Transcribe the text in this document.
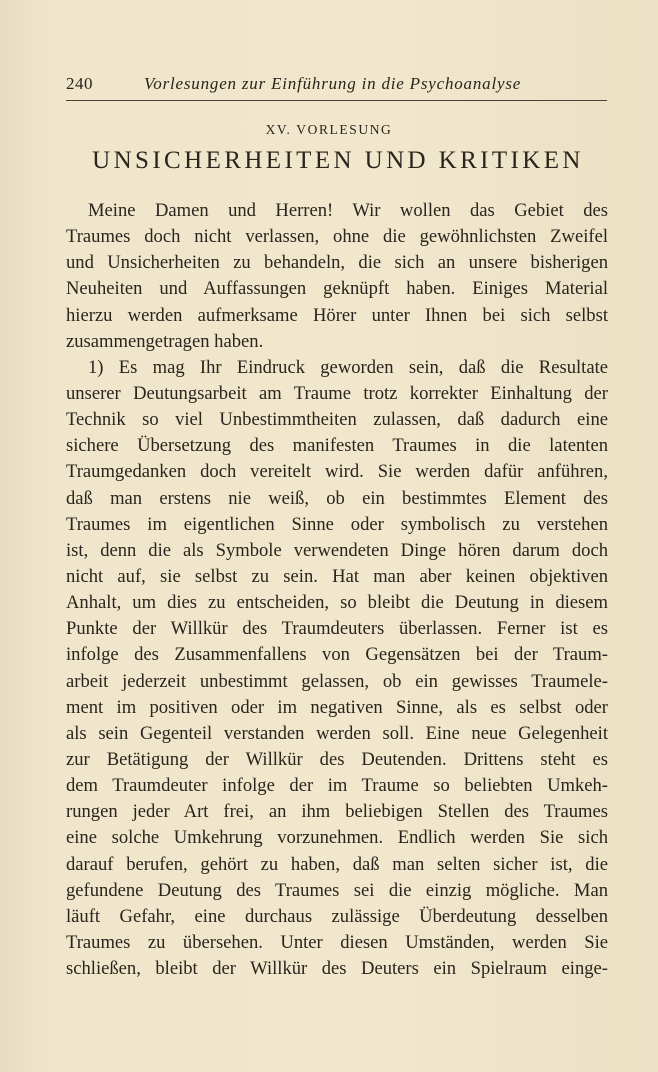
240	Vorlesungen zur Einführung in die Psychoanalyse
XV. VORLESUNG
UNSICHERHEITEN UND KRITIKEN
Meine Damen und Herren! Wir wollen das Gebiet des
Traumes doch nicht verlassen, ohne die gewöhnlichsten Zweifel
und Unsicherheiten zu behandeln, die sich an unsere bisherigen
Neuheiten und Auffassungen geknüpft haben. Einiges Material
hierzu werden aufmerksame Hörer unter Ihnen bei sich selbst
zusammengetragen haben.
1) Es mag Ihr Eindruck geworden sein, daß die Resultate
unserer Deutungsarbeit am Traume trotz korrekter Einhaltung der
Technik so viel Unbestimmtheiten zulassen, daß dadurch eine
sichere Übersetzung des manifesten Traumes in die latenten
Traumgedanken doch vereitelt wird. Sie werden dafür anführen,
daß man erstens nie weiß, ob ein bestimmtes Element des
Traumes im eigentlichen Sinne oder symbolisch zu verstehen
ist, denn die als Symbole verwendeten Dinge hören darum doch
nicht auf, sie selbst zu sein. Hat man aber keinen objektiven
Anhalt, um dies zu entscheiden, so bleibt die Deutung in diesem
Punkte der Willkür des Traumdeuters überlassen. Ferner ist es
infolge des Zusammenfallens von Gegensätzen bei der Traum-
arbeit jederzeit unbestimmt gelassen, ob ein gewisses Traumele-
ment im positiven oder im negativen Sinne, als es selbst oder
als sein Gegenteil verstanden werden soll. Eine neue Gelegenheit
zur Betätigung der Willkür des Deutenden. Drittens steht es
dem Traumdeuter infolge der im Traume so beliebten Umkeh-
rungen jeder Art frei, an ihm beliebigen Stellen des Traumes
eine solche Umkehrung vorzunehmen. Endlich werden Sie sich
darauf berufen, gehört zu haben, daß man selten sicher ist, die
gefundene Deutung des Traumes sei die einzig mögliche. Man
läuft Gefahr, eine durchaus zulässige Überdeutung desselben
Traumes zu übersehen. Unter diesen Umständen, werden Sie
schließen, bleibt der Willkür des Deuters ein Spielraum einge-
